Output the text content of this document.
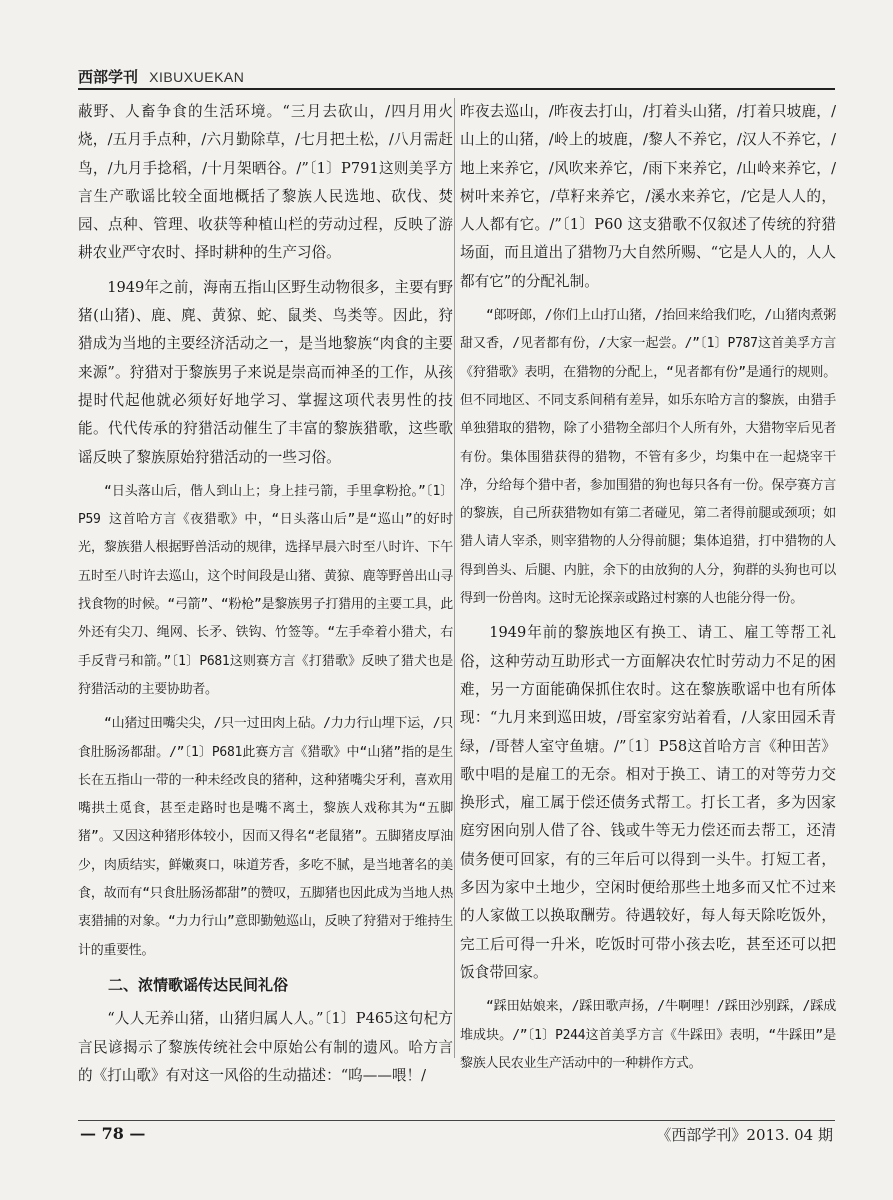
西部学刊 XIBUXUEKAN

蔽野、人畜争食的生活环境。“三月去砍山，/四月用火烧，/五月手点种，/六月勤除草，/七月把土松，/八月需赶鸟，/九月手捻稻，/十月架晒谷。/”〔1〕P791这则美孚方言生产歌谣比较全面地概括了黎族人民选地、砍伐、焚园、点种、管理、收获等种植山栏的劳动过程，反映了游耕农业严守农时、择时耕种的生产习俗。

1949年之前，海南五指山区野生动物很多，主要有野猪(山猪)、鹿、麂、黄猄、蛇、鼠类、鸟类等。因此，狩猎成为当地的主要经济活动之一，是当地黎族“肉食的主要来源”。狩猎对于黎族男子来说是崇高而神圣的工作，从孩提时代起他就必须好好地学习、掌握这项代表男性的技能。代代传承的狩猎活动催生了丰富的黎族猎歌，这些歌谣反映了黎族原始狩猎活动的一些习俗。

“日头落山后，偕人到山上；身上挂弓箭，手里拿粉抢。”〔1〕P59 这首哈方言《夜猎歌》中，“日头落山后”是“巡山”的好时光，黎族猎人根据野兽活动的规律，选择早晨六时至八时许、下午五时至八时许去巡山，这个时间段是山猪、黄猄、鹿等野兽出山寻找食物的时候。“弓箭”、“粉枪”是黎族男子打猎用的主要工具，此外还有尖刀、绳网、长矛、铁钩、竹签等。“左手牵着小猎犬，右手反背弓和箭。”〔1〕P681这则赛方言《打猎歌》反映了猎犬也是狩猎活动的主要协助者。

“山猪过田嘴尖尖，/只一过田肉上砧。/力力行山埋下运，/只食肚肠汤都甜。/”〔1〕P681此赛方言《猎歌》中“山猪”指的是生长在五指山一带的一种未经改良的猪种，这种猪嘴尖牙利，喜欢用嘴拱土觅食，甚至走路时也是嘴不离土，黎族人戏称其为“五脚猪”。又因这种猪形体较小，因而又得名“老鼠猪”。五脚猪皮厚油少，肉质结实，鲜嫩爽口，味道芳香，多吃不腻，是当地著名的美食，故而有“只食肚肠汤都甜”的赞叹，五脚猪也因此成为当地人热衷猎捕的对象。“力力行山”意即勤勉巡山，反映了狩猎对于维持生计的重要性。

二、浓情歌谣传达民间礼俗

“人人无养山猪，山猪归属人人。”〔1〕P465这句杞方言民谚揭示了黎族传统社会中原始公有制的遗风。哈方言的《打山歌》有对这一风俗的生动描述：“呜——喂！/

昨夜去巡山，/昨夜去打山，/打着头山猪，/打着只坡鹿，/山上的山猪，/岭上的坡鹿，/黎人不养它，/汉人不养它，/地上来养它，/风吹来养它，/雨下来养它，/山岭来养它，/树叶来养它，/草籽来养它，/溪水来养它，/它是人人的，人人都有它。/”〔1〕P60 这支猎歌不仅叙述了传统的狩猎场面，而且道出了猎物乃大自然所赐、“它是人人的，人人都有它”的分配礼制。

“郎呀郎，/你们上山打山猪，/抬回来给我们吃，/山猪肉煮粥甜又香，/见者都有份，/大家一起尝。/”〔1〕P787这首美孚方言《狩猎歌》表明，在猎物的分配上，“见者都有份”是通行的规则。但不同地区、不同支系间稍有差异，如乐东哈方言的黎族，由猎手单独猎取的猎物，除了小猎物全部归个人所有外，大猎物宰后见者有份。集体围猎获得的猎物，不管有多少，均集中在一起烧宰干净，分给每个猎中者，参加围猎的狗也每只各有一份。保亭赛方言的黎族，自己所获猎物如有第二者碰见，第二者得前腿或颈项；如猎人请人宰杀，则宰猎物的人分得前腿；集体追猎，打中猎物的人得到兽头、后腿、内脏，余下的由放狗的人分，狗群的头狗也可以得到一份兽肉。这时无论探亲或路过村寨的人也能分得一份。

1949年前的黎族地区有换工、请工、雇工等帮工礼俗，这种劳动互助形式一方面解决农忙时劳动力不足的困难，另一方面能确保抓住农时。这在黎族歌谣中也有所体现：“九月来到巡田坡，/哥室家穷站着看，/人家田园禾青绿，/哥替人室守鱼塘。/”〔1〕P58这首哈方言《种田苦》歌中唱的是雇工的无奈。相对于换工、请工的对等劳力交换形式，雇工属于偿还债务式帮工。打长工者，多为因家庭穷困向别人借了谷、钱或牛等无力偿还而去帮工，还清债务便可回家，有的三年后可以得到一头牛。打短工者，多因为家中土地少，空闲时便给那些土地多而又忙不过来的人家做工以换取酬劳。待遇较好，每人每天除吃饭外，完工后可得一升米，吃饭时可带小孩去吃，甚至还可以把饭食带回家。

“踩田姑娘来，/踩田歌声扬，/牛啊哩！/踩田沙别踩，/踩成堆成块。/”〔1〕P244这首美孚方言《牛踩田》表明，“牛踩田”是黎族人民农业生产活动中的一种耕作方式。

— 78 —	《西部学刊》2013. 04 期
